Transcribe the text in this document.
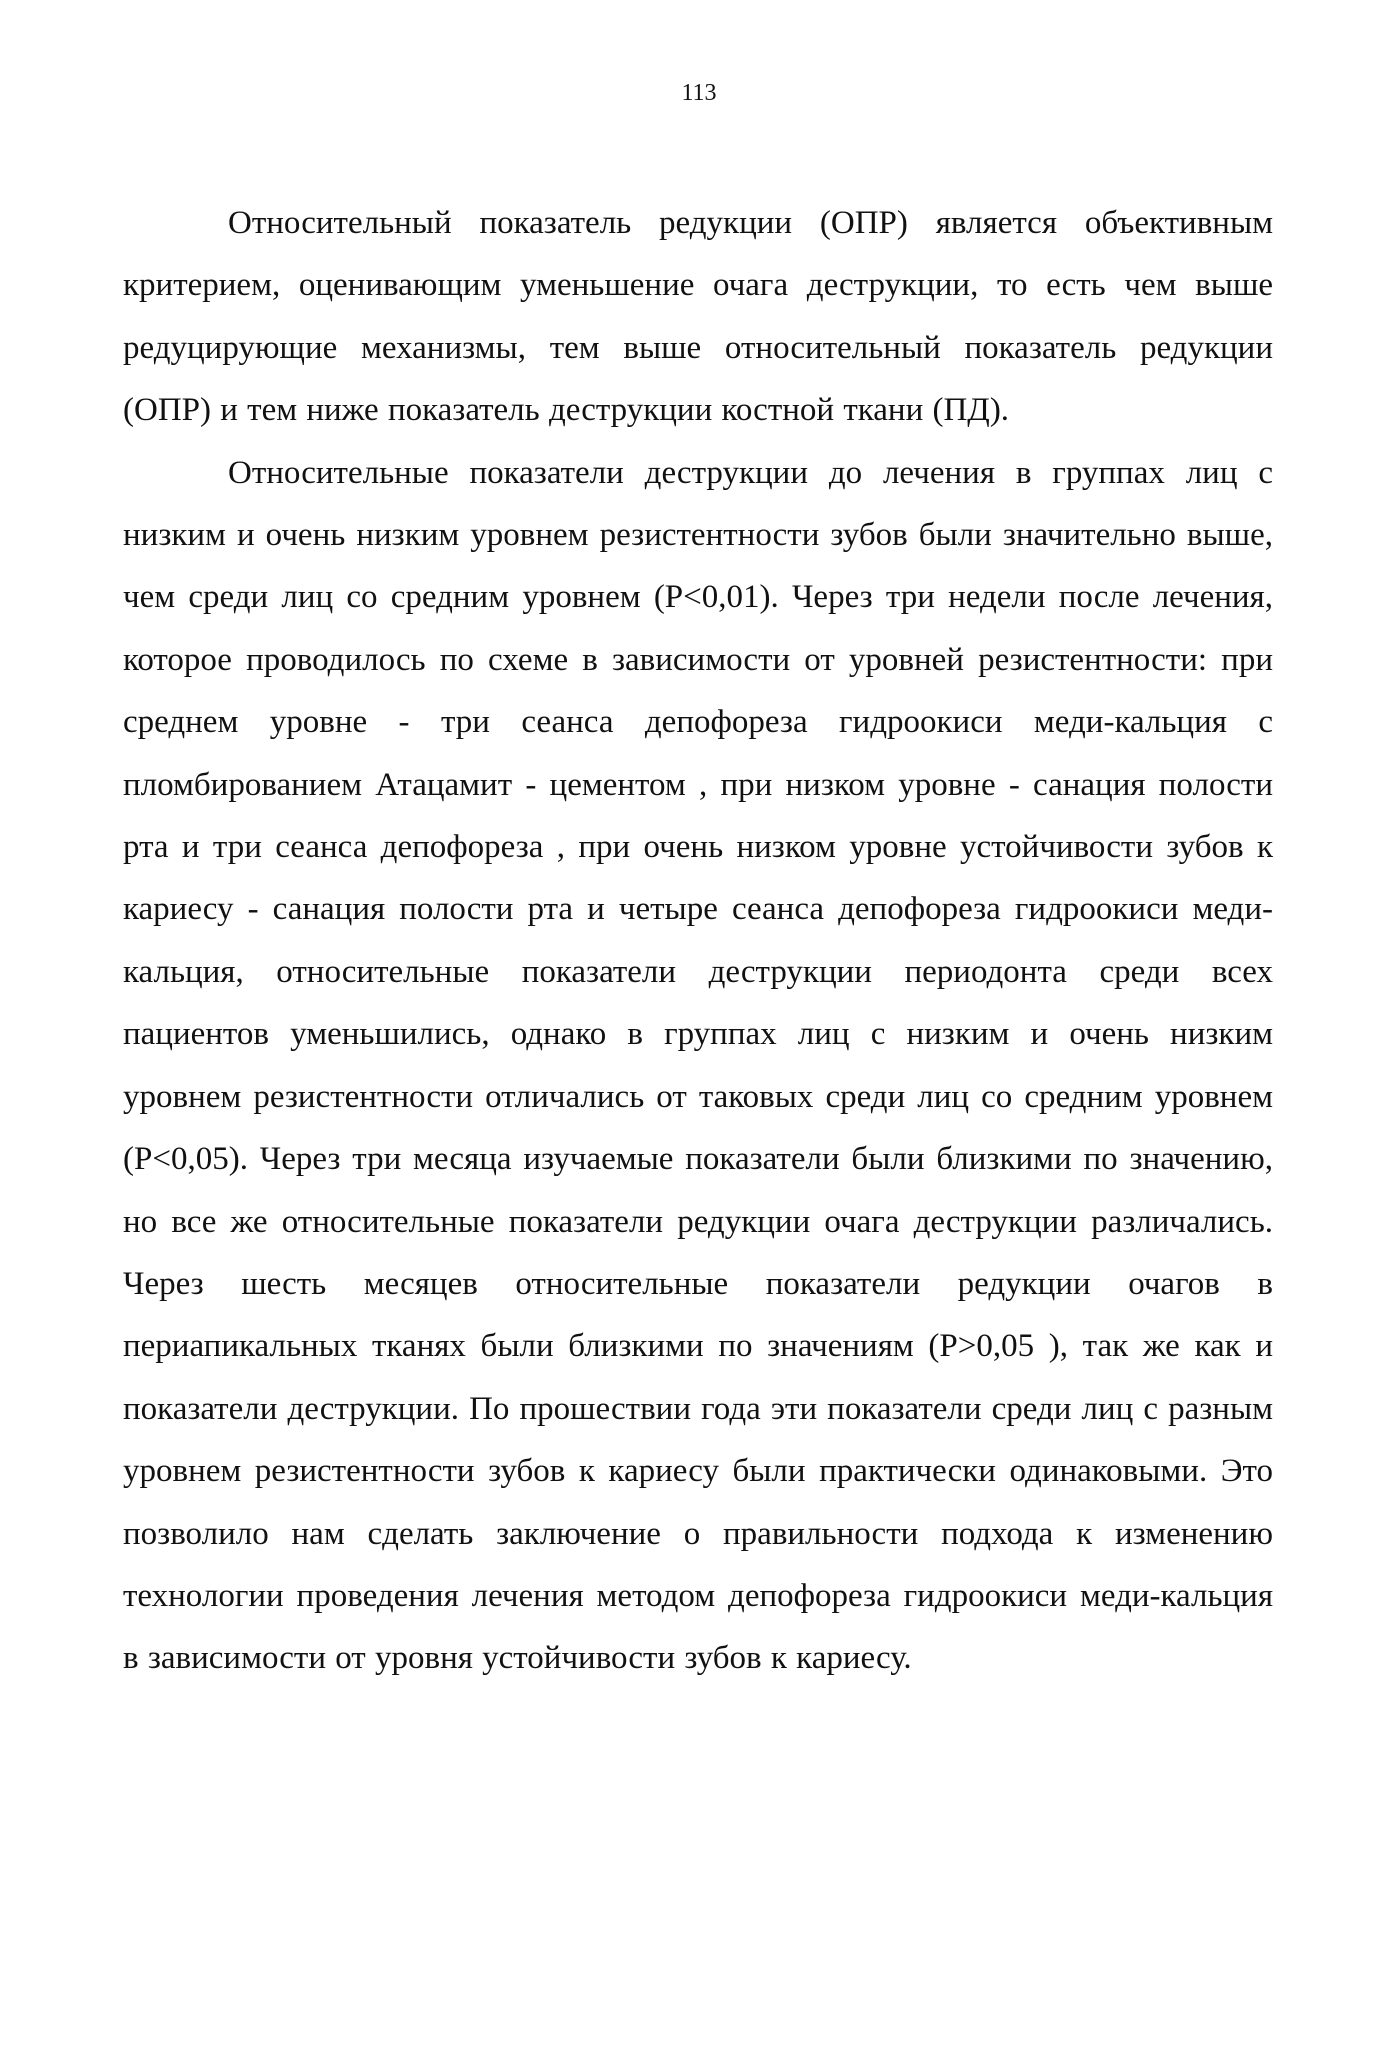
113

Относительный показатель редукции (ОПР) является объективным критерием, оценивающим уменьшение очага деструкции, то есть чем выше редуцирующие механизмы, тем выше относительный показатель редукции (ОПР) и тем ниже показатель деструкции костной ткани (ПД).

Относительные показатели деструкции до лечения в группах лиц с низким и очень низким уровнем резистентности зубов были значительно выше, чем среди лиц со средним уровнем (P<0,01). Через три недели после лечения, которое проводилось по схеме в зависимости от уровней резистентности: при среднем уровне - три сеанса депофореза гидроокиси меди-кальция с пломбированием Атацамит - цементом , при низком уровне - санация полости рта и три сеанса депофореза , при очень низком уровне устойчивости зубов к кариесу - санация полости рта и четыре сеанса депофореза гидроокиси меди-кальция, относительные показатели деструкции периодонта среди всех пациентов уменьшились, однако в группах лиц с низким и очень низким уровнем резистентности отличались от таковых среди лиц со средним уровнем (P<0,05). Через три месяца изучаемые показатели были близкими по значению, но все же относительные показатели редукции очага деструкции различались. Через шесть месяцев относительные показатели редукции очагов в периапикальных тканях были близкими по значениям (P>0,05 ), так же как и показатели деструкции. По прошествии года эти показатели среди лиц с разным уровнем резистентности зубов к кариесу были практически одинаковыми. Это позволило нам сделать заключение о правильности подхода к изменению технологии проведения лечения методом депофореза гидроокиси меди-кальция в зависимости от уровня устойчивости зубов к кариесу.
